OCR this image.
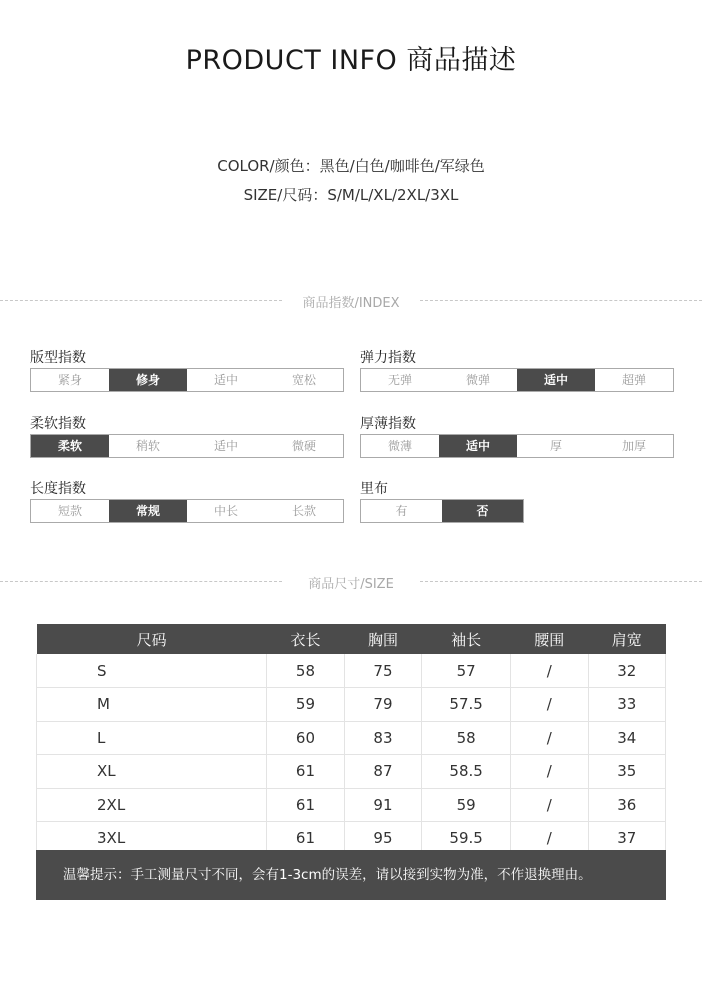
PRODUCT INFO 商品描述
COLOR/颜色：黑色/白色/咖啡色/军绿色
SIZE/尺码：S/M/L/XL/2XL/3XL
商品指数/INDEX
版型指数
紧身	修身	适中	宽松
弹力指数
无弹	微弹	适中	超弹
柔软指数
柔软	稍软	适中	微硬
厚薄指数
微薄	适中	厚	加厚
长度指数
短款	常规	中长	长款
里布
有	否
商品尺寸/SIZE
尺码	衣长	胸围	袖长	腰围	肩宽
S	58	75	57	/	32
M	59	79	57.5	/	33
L	60	83	58	/	34
XL	61	87	58.5	/	35
2XL	61	91	59	/	36
3XL	61	95	59.5	/	37
温馨提示：手工测量尺寸不同，会有1-3cm的误差，请以接到实物为准，不作退换理由。
